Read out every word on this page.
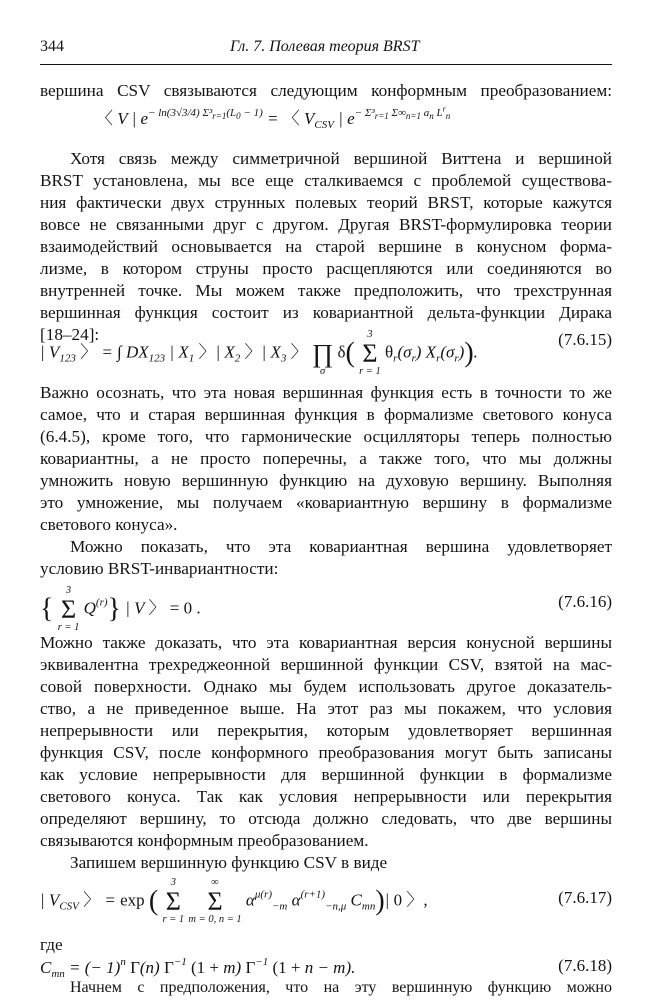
344	Гл. 7. Полевая теория BRST
вершина CSV связываются следующим конформным преобразованием:
〈 V | $e^{- ln(3√3/4) \Sigma^3_{r=1}(L_0 - 1)}$ = 〈 $V_{CSV}$ | $e^{- \Sigma^3_{r=1} \Sigma\infty_{n=1} a_n L^r_n}$
Хотя связь между симметричной вершиной Виттена и вершиной
BRST установлена, мы все еще сталкиваемся с проблемой существова-
ния фактически двух струнных полевых теорий BRST, которые кажутся
вовсе не связанными друг с другом. Другая BRST-формулировка теории
взаимодействий основывается на старой вершине в конусном форма-
лизме, в котором струны просто расщепляются или соединяются во
внутренней точке. Мы можем также предположить, что трехструнная
вершинная функция состоит из ковариантной дельта-функции Дирака
[18–24]:
| $V_{123}$ 〉 = ∫ $DX_{123}$ | $X_1$ 〉| $X_2$ 〉| $X_3$ 〉
∏
σ
δ(
3
Σ
r = 1
$\theta_r(\sigma_r)$ $X_r(\sigma_r)$).
(7.6.15)
Важно осознать, что эта новая вершинная функция есть в точности то же
самое, что и старая вершинная функция в формализме светового конуса
(6.4.5), кроме того, что гармонические осцилляторы теперь полностью
ковариантны, а не просто поперечны, а также того, что мы должны
умножить новую вершинную функцию на духовую вершину. Выполняя
это умножение, мы получаем «ковариантную вершину в формализме
светового конуса».
Можно показать, что эта ковариантная вершина удовлетворяет
условию BRST-инвариантности:
{
3
Σ
r = 1
$Q^{(r)}$} | V 〉 = 0 .	(7.6.16)
Можно также доказать, что эта ковариантная версия конусной вершины
эквивалентна трехреджеонной вершинной функции CSV, взятой на мас-
совой поверхности. Однако мы будем использовать другое доказатель-
ство, а не приведенное выше. На этот раз мы покажем, что условия
непрерывности или перекрытия, которым удовлетворяет вершинная
функция CSV, после конформного преобразования могут быть записаны
как условие непрерывности для вершинной функции в формализме
светового конуса. Так как условия непрерывности или перекрытия
определяют вершину, то отсюда должно следовать, что две вершины
связываются конформным преобразованием.
Запишем вершинную функцию CSV в виде
| $V_{CSV}$ 〉 = exp (
3
Σ
r = 1

∞
Σ
m = 0, n = 1
$\alpha^{\mu(r)}_{-m}$ $\alpha^{(r+1)}_{-n,\mu}$ $C_{mn})|$ 0 〉,	(7.6.17)
где
$C_{mn}$ = (− 1)$^n$ Γ(n) $\Gamma^{-1}$ (1 + m) $\Gamma^{-1}$ (1 + n − m).	(7.6.18)
Начнем с предположения, что на эту вершинную функцию можно
